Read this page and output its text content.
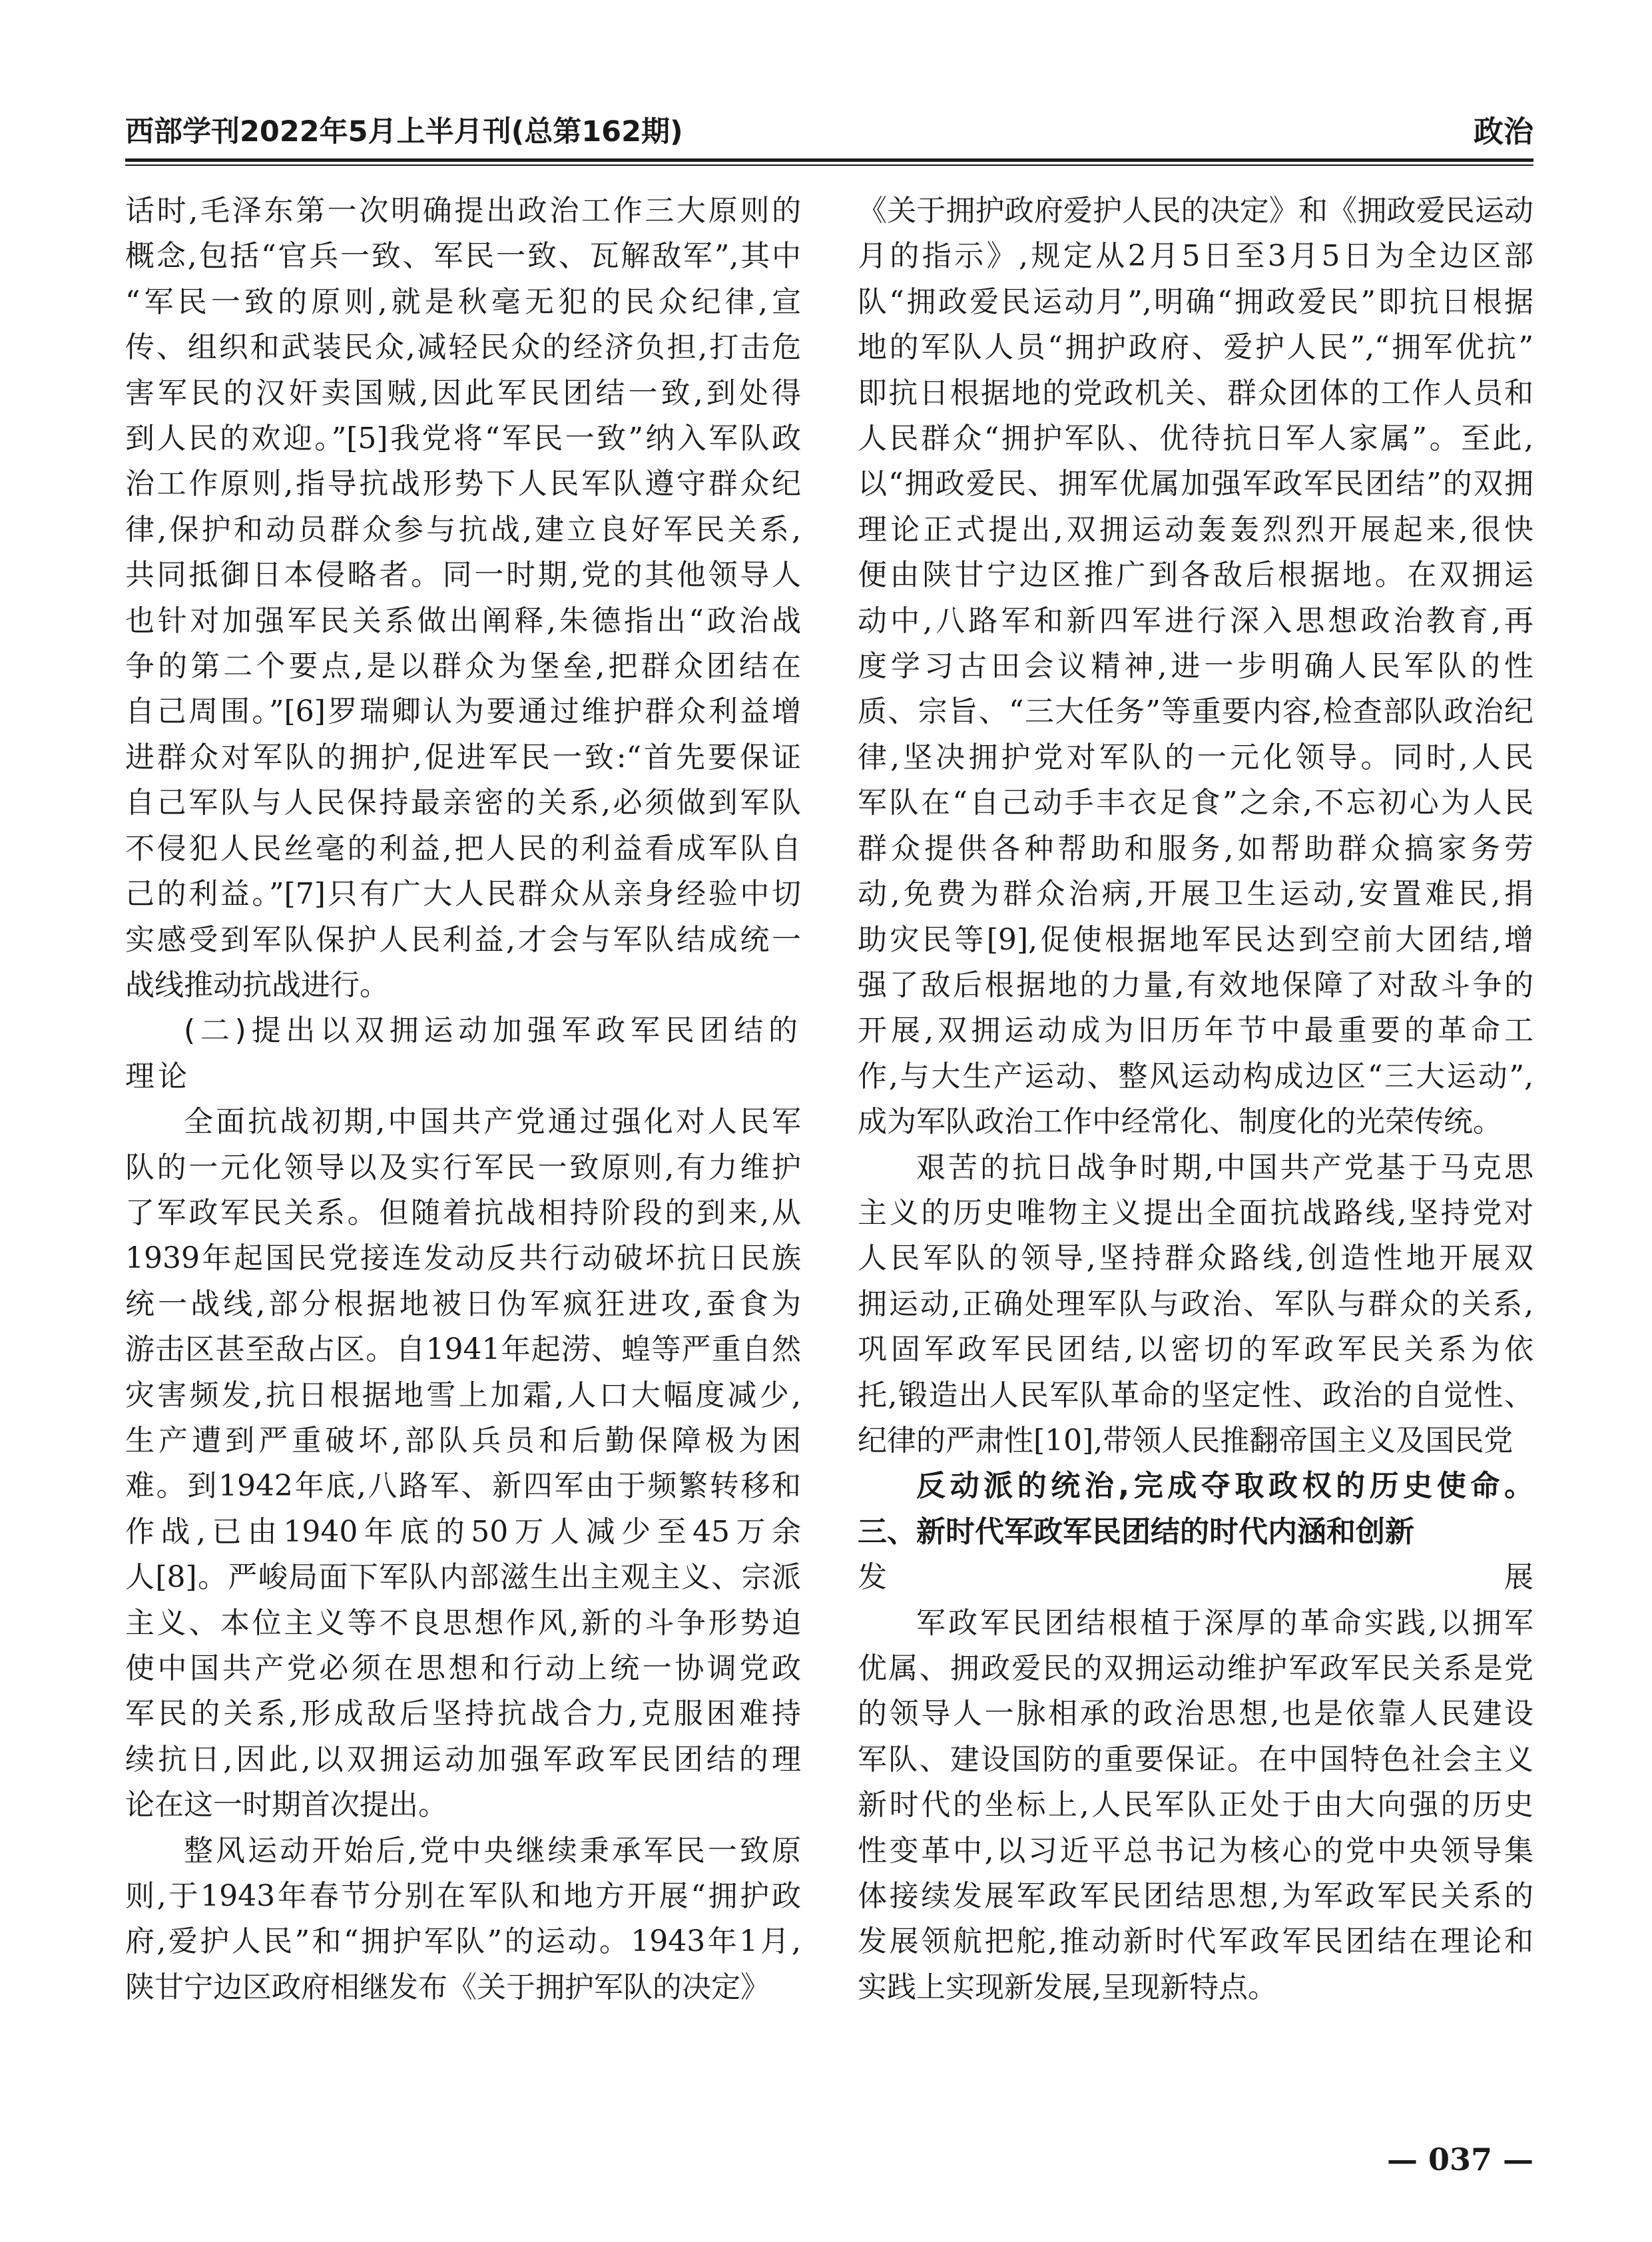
西部学刊2022年5月上半月刊(总第162期)	政治

话时,毛泽东第一次明确提出政治工作三大原则的

概念,包括“官兵一致、军民一致、瓦解敌军”,其中

“军民一致的原则,就是秋毫无犯的民众纪律,宣

传、组织和武装民众,减轻民众的经济负担,打击危

害军民的汉奸卖国贼,因此军民团结一致,到处得

到人民的欢迎。”[5]我党将“军民一致”纳入军队政

治工作原则,指导抗战形势下人民军队遵守群众纪

律,保护和动员群众参与抗战,建立良好军民关系,

共同抵御日本侵略者。同一时期,党的其他领导人

也针对加强军民关系做出阐释,朱德指出“政治战

争的第二个要点,是以群众为堡垒,把群众团结在

自己周围。”[6]罗瑞卿认为要通过维护群众利益增

进群众对军队的拥护,促进军民一致:“首先要保证

自己军队与人民保持最亲密的关系,必须做到军队

不侵犯人民丝毫的利益,把人民的利益看成军队自

己的利益。”[7]只有广大人民群众从亲身经验中切

实感受到军队保护人民利益,才会与军队结成统一

战线推动抗战进行。

(二)提出以双拥运动加强军政军民团结的

理论

全面抗战初期,中国共产党通过强化对人民军

队的一元化领导以及实行军民一致原则,有力维护

了军政军民关系。但随着抗战相持阶段的到来,从

1939年起国民党接连发动反共行动破坏抗日民族

统一战线,部分根据地被日伪军疯狂进攻,蚕食为

游击区甚至敌占区。自1941年起涝、蝗等严重自然

灾害频发,抗日根据地雪上加霜,人口大幅度减少,

生产遭到严重破坏,部队兵员和后勤保障极为困

难。到1942年底,八路军、新四军由于频繁转移和

作战,已由1940年底的50万人减少至45万余

人[8]。严峻局面下军队内部滋生出主观主义、宗派

主义、本位主义等不良思想作风,新的斗争形势迫

使中国共产党必须在思想和行动上统一协调党政

军民的关系,形成敌后坚持抗战合力,克服困难持

续抗日,因此,以双拥运动加强军政军民团结的理

论在这一时期首次提出。

整风运动开始后,党中央继续秉承军民一致原

则,于1943年春节分别在军队和地方开展“拥护政

府,爱护人民”和“拥护军队”的运动。1943年1月,

陕甘宁边区政府相继发布《关于拥护军队的决定》

《关于拥护政府爱护人民的决定》和《拥政爱民运动

月的指示》,规定从2月5日至3月5日为全边区部

队“拥政爱民运动月”,明确“拥政爱民”即抗日根据

地的军队人员“拥护政府、爱护人民”,“拥军优抗”

即抗日根据地的党政机关、群众团体的工作人员和

人民群众“拥护军队、优待抗日军人家属”。至此,

以“拥政爱民、拥军优属加强军政军民团结”的双拥

理论正式提出,双拥运动轰轰烈烈开展起来,很快

便由陕甘宁边区推广到各敌后根据地。在双拥运

动中,八路军和新四军进行深入思想政治教育,再

度学习古田会议精神,进一步明确人民军队的性

质、宗旨、“三大任务”等重要内容,检查部队政治纪

律,坚决拥护党对军队的一元化领导。同时,人民

军队在“自己动手丰衣足食”之余,不忘初心为人民

群众提供各种帮助和服务,如帮助群众搞家务劳

动,免费为群众治病,开展卫生运动,安置难民,捐

助灾民等[9],促使根据地军民达到空前大团结,增

强了敌后根据地的力量,有效地保障了对敌斗争的

开展,双拥运动成为旧历年节中最重要的革命工

作,与大生产运动、整风运动构成边区“三大运动”,

成为军队政治工作中经常化、制度化的光荣传统。

艰苦的抗日战争时期,中国共产党基于马克思

主义的历史唯物主义提出全面抗战路线,坚持党对

人民军队的领导,坚持群众路线,创造性地开展双

拥运动,正确处理军队与政治、军队与群众的关系,

巩固军政军民团结,以密切的军政军民关系为依

托,锻造出人民军队革命的坚定性、政治的自觉性、

纪律的严肃性[10],带领人民推翻帝国主义及国民党

反动派的统治,完成夺取政权的历史使命。

三、新时代军政军民团结的时代内涵和创新

发展

军政军民团结根植于深厚的革命实践,以拥军

优属、拥政爱民的双拥运动维护军政军民关系是党

的领导人一脉相承的政治思想,也是依靠人民建设

军队、建设国防的重要保证。在中国特色社会主义

新时代的坐标上,人民军队正处于由大向强的历史

性变革中,以习近平总书记为核心的党中央领导集

体接续发展军政军民团结思想,为军政军民关系的

发展领航把舵,推动新时代军政军民团结在理论和

实践上实现新发展,呈现新特点。

— 037 —
